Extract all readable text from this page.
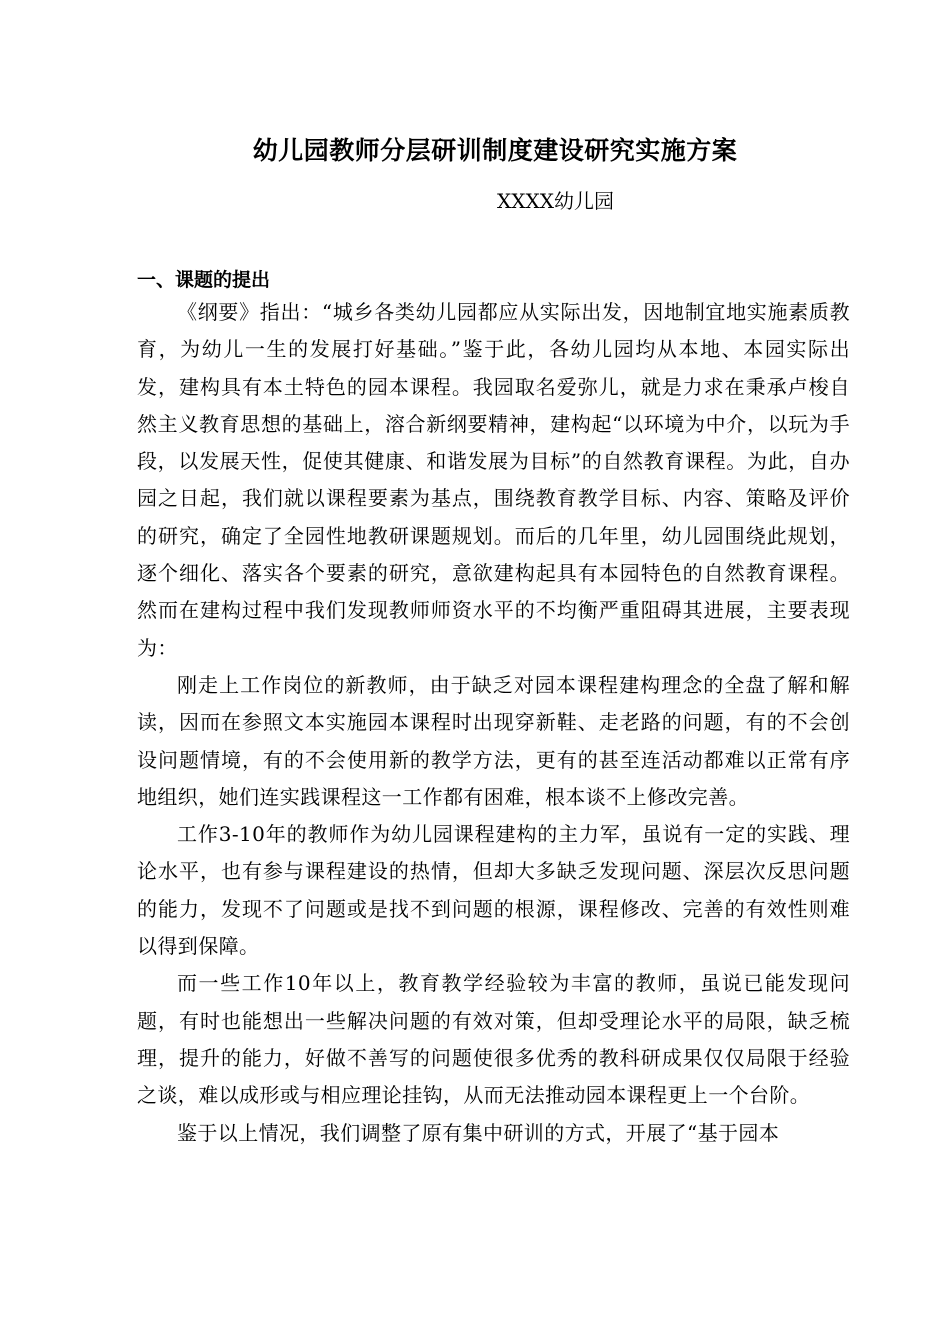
幼儿园教师分层研训制度建设研究实施方案
XXXX幼儿园
一、课题的提出

《纲要》指出：“城乡各类幼儿园都应从实际出发，因地制宜地实施素质教育，为幼儿一生的发展打好基础。”鉴于此，各幼儿园均从本地、本园实际出发，建构具有本土特色的园本课程。我园取名爱弥儿，就是力求在秉承卢梭自然主义教育思想的基础上，溶合新纲要精神，建构起“以环境为中介，以玩为手段，以发展天性，促使其健康、和谐发展为目标”的自然教育课程。为此，自办园之日起，我们就以课程要素为基点，围绕教育教学目标、内容、策略及评价的研究，确定了全园性地教研课题规划。而后的几年里，幼儿园围绕此规划，逐个细化、落实各个要素的研究，意欲建构起具有本园特色的自然教育课程。然而在建构过程中我们发现教师师资水平的不均衡严重阻碍其进展，主要表现为：

刚走上工作岗位的新教师，由于缺乏对园本课程建构理念的全盘了解和解读，因而在参照文本实施园本课程时出现穿新鞋、走老路的问题，有的不会创设问题情境，有的不会使用新的教学方法，更有的甚至连活动都难以正常有序地组织，她们连实践课程这一工作都有困难，根本谈不上修改完善。

工作3-10年的教师作为幼儿园课程建构的主力军，虽说有一定的实践、理论水平，也有参与课程建设的热情，但却大多缺乏发现问题、深层次反思问题的能力，发现不了问题或是找不到问题的根源，课程修改、完善的有效性则难以得到保障。

而一些工作10年以上，教育教学经验较为丰富的教师，虽说已能发现问题，有时也能想出一些解决问题的有效对策，但却受理论水平的局限，缺乏梳理，提升的能力，好做不善写的问题使很多优秀的教科研成果仅仅局限于经验之谈，难以成形或与相应理论挂钩，从而无法推动园本课程更上一个台阶。

鉴于以上情况，我们调整了原有集中研训的方式，开展了“基于园本
